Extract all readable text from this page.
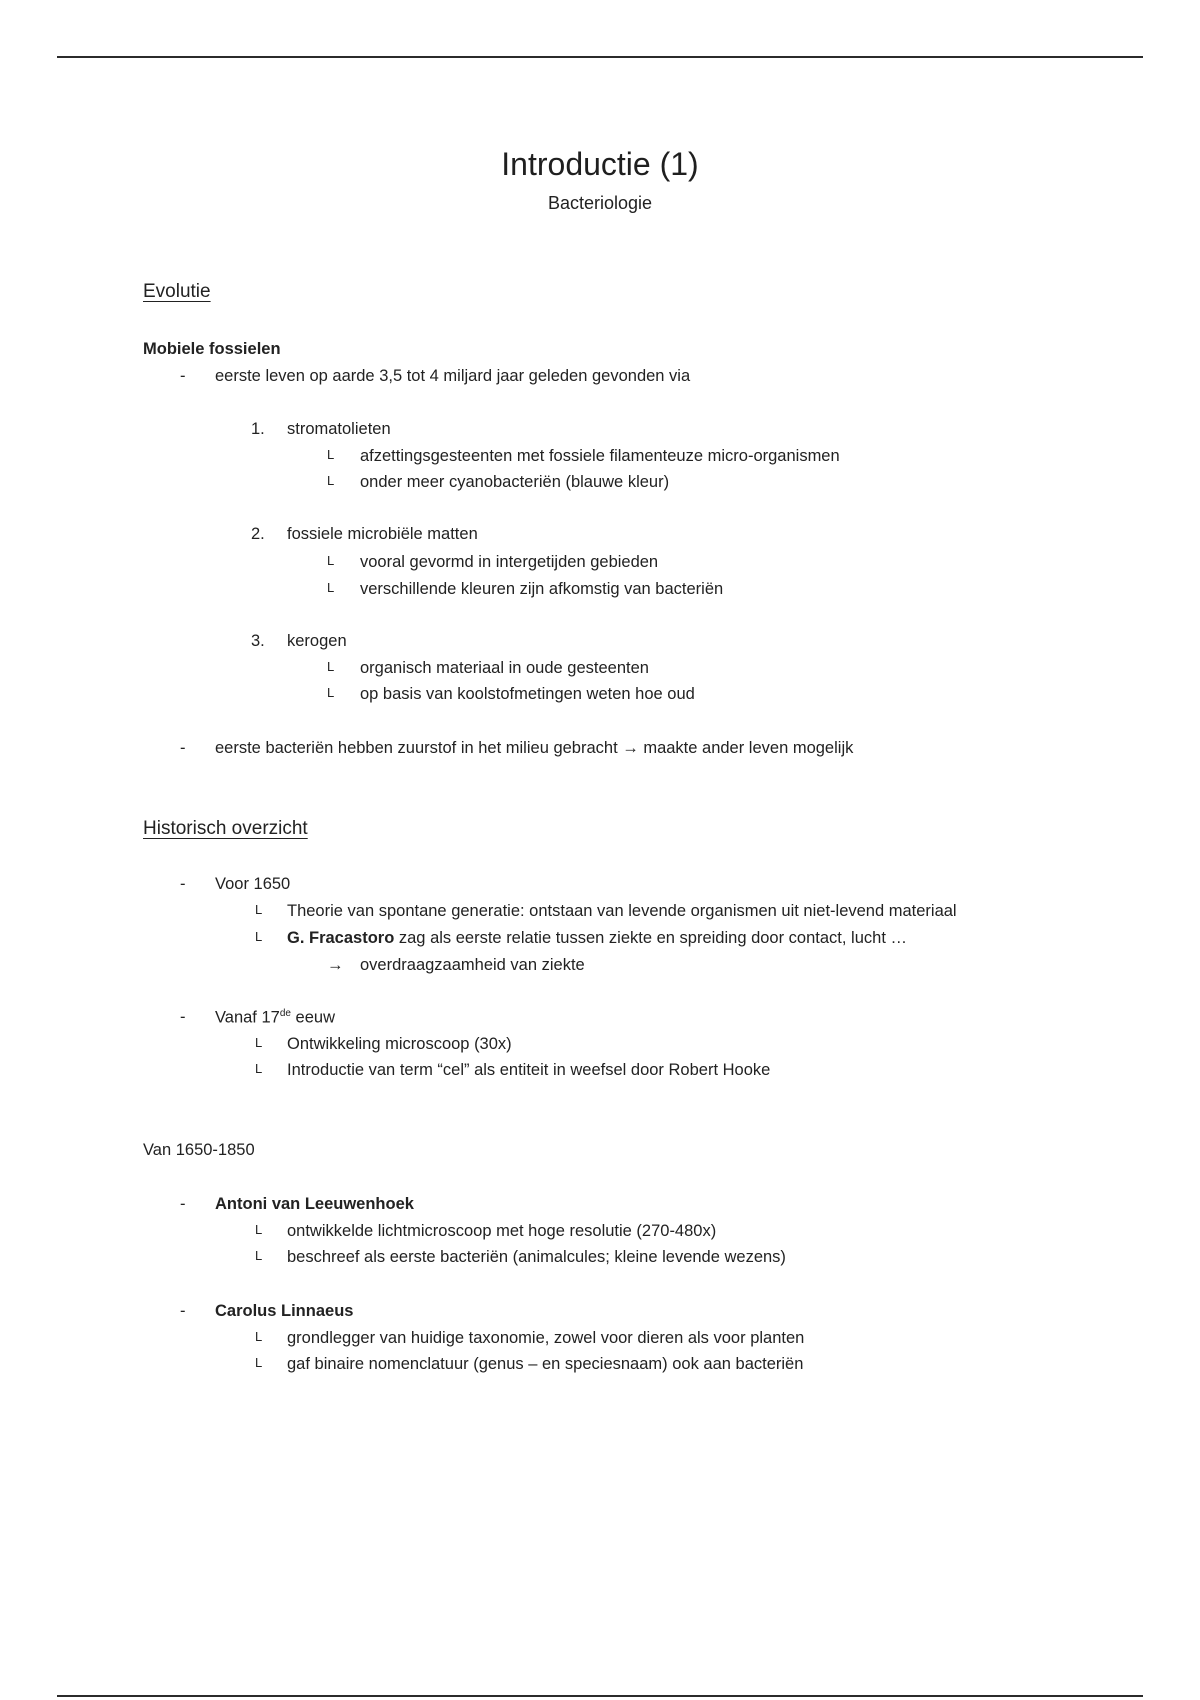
Introductie (1)
Bacteriologie
Evolutie
Mobiele fossielen
- eerste leven op aarde 3,5 tot 4 miljard jaar geleden gevonden via
1. stromatolieten
L afzettingsgesteenten met fossiele filamenteuze micro-organismen
L onder meer cyanobacteriën (blauwe kleur)
2. fossiele microbiële matten
L vooral gevormd in intergetijden gebieden
L verschillende kleuren zijn afkomstig van bacteriën
3. kerogen
L organisch materiaal in oude gesteenten
L op basis van koolstofmetingen weten hoe oud
- eerste bacteriën hebben zuurstof in het milieu gebracht → maakte ander leven mogelijk
Historisch overzicht
- Voor 1650
L Theorie van spontane generatie: ontstaan van levende organismen uit niet-levend materiaal
L G. Fracastoro zag als eerste relatie tussen ziekte en spreiding door contact, lucht …
→ overdraagzaamheid van ziekte
- Vanaf 17de eeuw
L Ontwikkeling microscoop (30x)
L Introductie van term “cel” als entiteit in weefsel door Robert Hooke
Van 1650-1850
- Antoni van Leeuwenhoek
L ontwikkelde lichtmicroscoop met hoge resolutie (270-480x)
L beschreef als eerste bacteriën (animalcules; kleine levende wezens)
- Carolus Linnaeus
L grondlegger van huidige taxonomie, zowel voor dieren als voor planten
L gaf binaire nomenclatuur (genus – en speciesnaam) ook aan bacteriën
